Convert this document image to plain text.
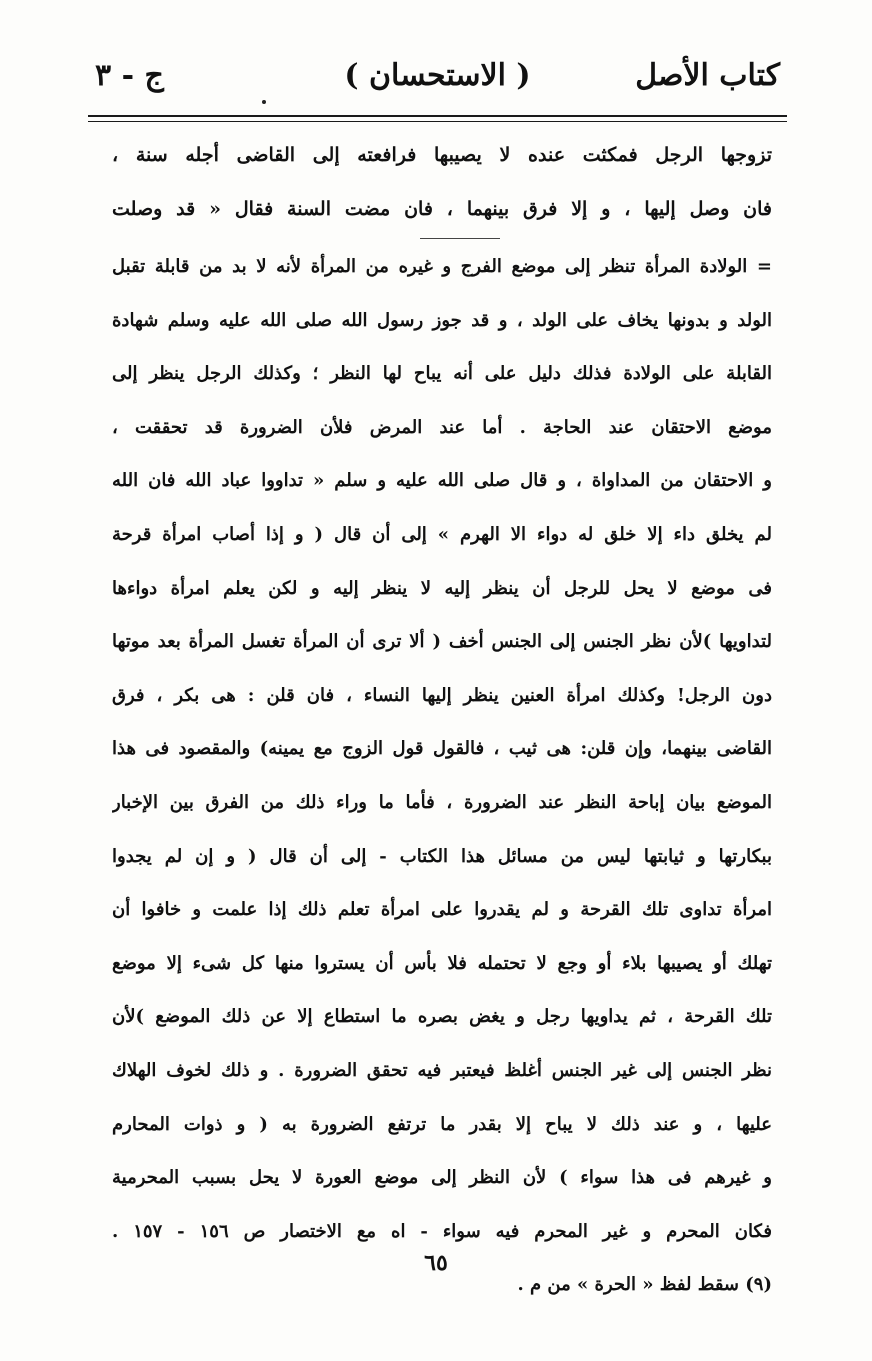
كتاب الأصل
( الاستحسان )
ج - ٣
تزوجها الرجل فمكثت عنده لا يصيبها فرافعته إلى القاضى أجله سنة ،
فان وصل إليها ، و إلا فرق بينهما ، فان مضت السنة فقال « قد وصلت
= الولادة المرأة تنظر إلى موضع الفرج و غيره من المرأة لأنه لا بد من قابلة تقبل
الولد و بدونها يخاف على الولد ، و قد جوز رسول الله صلى الله عليه وسلم شهادة
القابلة على الولادة فذلك دليل على أنه يباح لها النظر ؛ وكذلك الرجل ينظر إلى
موضع الاحتقان عند الحاجة . أما عند المرض فلأن الضرورة قد تحققت ،
و الاحتقان من المداواة ، و قال صلى الله عليه و سلم « تداووا عباد الله فان الله
لم يخلق داء إلا خلق له دواء الا الهرم » إلى أن قال ( و إذا أصاب امرأة قرحة
فى موضع لا يحل للرجل أن ينظر إليه لا ينظر إليه و لكن يعلم امرأة دواءها
لتداويها )لأن نظر الجنس إلى الجنس أخف ( ألا ترى أن المرأة تغسل المرأة بعد موتها
دون الرجل! وكذلك امرأة العنين ينظر إليها النساء ، فان قلن : هى بكر ، فرق
القاضى بينهما، وإن قلن: هى ثيب ، فالقول قول الزوج مع يمينه) والمقصود فى هذا
الموضع بيان إباحة النظر عند الضرورة ، فأما ما وراء ذلك من الفرق بين الإخبار
ببكارتها و ثيابتها ليس من مسائل هذا الكتاب - إلى أن قال ( و إن لم يجدوا
امرأة تداوى تلك القرحة و لم يقدروا على امرأة تعلم ذلك إذا علمت و خافوا أن
تهلك أو يصيبها بلاء أو وجع لا تحتمله فلا بأس أن يستروا منها كل شىء إلا موضع
تلك القرحة ، ثم يداويها رجل و يغض بصره ما استطاع إلا عن ذلك الموضع )لأن
نظر الجنس إلى غير الجنس أغلظ فيعتبر فيه تحقق الضرورة . و ذلك لخوف الهلاك
عليها ، و عند ذلك لا يباح إلا بقدر ما ترتفع الضرورة به ( و ذوات المحارم
و غيرهم فى هذا سواء ) لأن النظر إلى موضع العورة لا يحل بسبب المحرمية
فكان المحرم و غير المحرم فيه سواء - اه مع الاختصار ص ١٥٦ - ١٥٧ .
(٩) سقط لفظ « الحرة » من م .
٦٥
